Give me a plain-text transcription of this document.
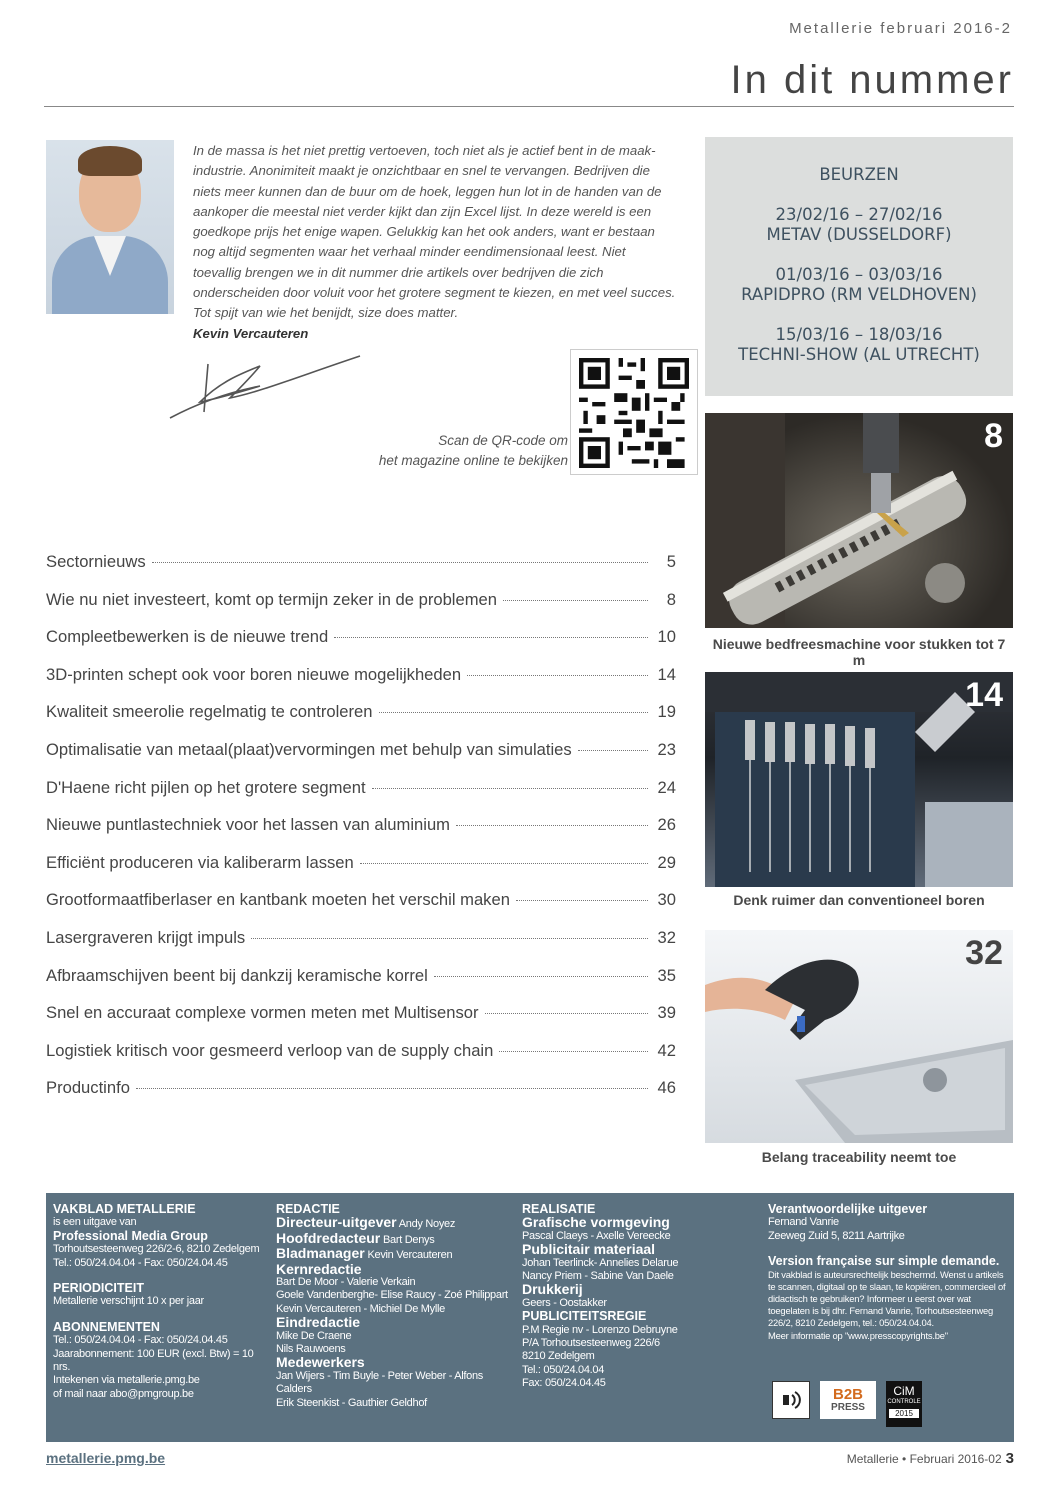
Metallerie februari 2016-2
In dit nummer
In de massa is het niet prettig vertoeven, toch niet als je actief bent in de maak-industrie. Anonimiteit maakt je onzichtbaar en snel te vervangen. Bedrijven die niets meer kunnen dan de buur om de hoek, leggen hun lot in de handen van de aankoper die meestal niet verder kijkt dan zijn Excel lijst. In deze wereld is een goedkope prijs het enige wapen. Gelukkig kan het ook anders, want er bestaan nog altijd segmenten waar het verhaal minder eendimensionaal leest. Niet toevallig brengen we in dit nummer drie artikels over bedrijven die zich onderscheiden door voluit voor het grotere segment te kiezen, en met veel succes. Tot spijt van wie het benijdt, size does matter.
Kevin Vercauteren
Scan de QR-code om
het magazine online te bekijken
BEURZEN
23/02/16 – 27/02/16
METAV (DUSSELDORF)
01/03/16 – 03/03/16
RAPIDPRO (RM VELDHOVEN)
15/03/16 – 18/03/16
TECHNI-SHOW (AL UTRECHT)
8
Nieuwe bedfreesmachine voor stukken tot 7 m
14
Denk ruimer dan conventioneel boren
32
Belang traceability neemt toe
Sectornieuws	5
Wie nu niet investeert, komt op termijn zeker in de problemen	8
Compleetbewerken is de nieuwe trend	10
3D-printen schept ook voor boren nieuwe mogelijkheden	14
Kwaliteit smeerolie regelmatig te controleren	19
Optimalisatie van metaal(plaat)vervormingen met behulp van simulaties	23
D'Haene richt pijlen op het grotere segment	24
Nieuwe puntlastechniek voor het lassen van aluminium	26
Efficiënt produceren via kaliberarm lassen	29
Grootformaatfiberlaser en kantbank moeten het verschil maken	30
Lasergraveren krijgt impuls	32
Afbraamschijven beent bij dankzij keramische korrel	35
Snel en accuraat complexe vormen meten met Multisensor	39
Logistiek kritisch voor gesmeerd verloop van de supply chain	42
Productinfo	46
VAKBLAD METALLERIE
is een uitgave van
Professional Media Group
Torhoutsesteenweg 226/2-6, 8210 Zedelgem
Tel.: 050/24.04.04 - Fax: 050/24.04.45
PERIODICITEIT
Metallerie verschijnt 10 x per jaar
ABONNEMENTEN
Tel.: 050/24.04.04 - Fax: 050/24.04.45
Jaarabonnement: 100 EUR (excl. Btw) = 10 nrs.
Intekenen via metallerie.pmg.be
of mail naar abo@pmgroup.be
REDACTIE
Directeur-uitgever Andy Noyez
Hoofdredacteur Bart Denys
Bladmanager Kevin Vercauteren
Kernredactie
Bart De Moor - Valerie Verkain
Goele Vandenberghe- Elise Raucy - Zoé Philippart
Kevin Vercauteren - Michiel De Mylle
Eindredactie
Mike De Craene
Nils Rauwoens
Medewerkers
Jan Wijers - Tim Buyle - Peter Weber - Alfons Calders
Erik Steenkist - Gauthier Geldhof
REALISATIE
Grafische vormgeving
Pascal Claeys - Axelle Vereecke
Publicitair materiaal
Johan Teerlinck- Annelies Delarue
Nancy Priem - Sabine Van Daele
Drukkerij
Geers - Oostakker
PUBLICITEITSREGIE
P.M Regie nv - Lorenzo Debruyne
P/A Torhoutsesteenweg 226/6
8210 Zedelgem
Tel.: 050/24.04.04
Fax: 050/24.04.45
Verantwoordelijke uitgever
Fernand Vanrie
Zeeweg Zuid 5, 8211 Aartrijke
Version française sur simple demande.
Dit vakblad is auteursrechtelijk beschermd. Wenst u artikels te scannen, digitaal op te slaan, te kopiëren, commercieel of didactisch te gebruiken? Informeer u eerst over wat toegelaten is bij dhr. Fernand Vanrie, Torhoutsesteenweg 226/2, 8210 Zedelgem, tel.: 050/24.04.04.
Meer informatie op "www.presscopyrights.be"
B2B
PRESS
CiM
CONTROLE
2015
metallerie.pmg.be	Metallerie • Februari 2016-02 3
